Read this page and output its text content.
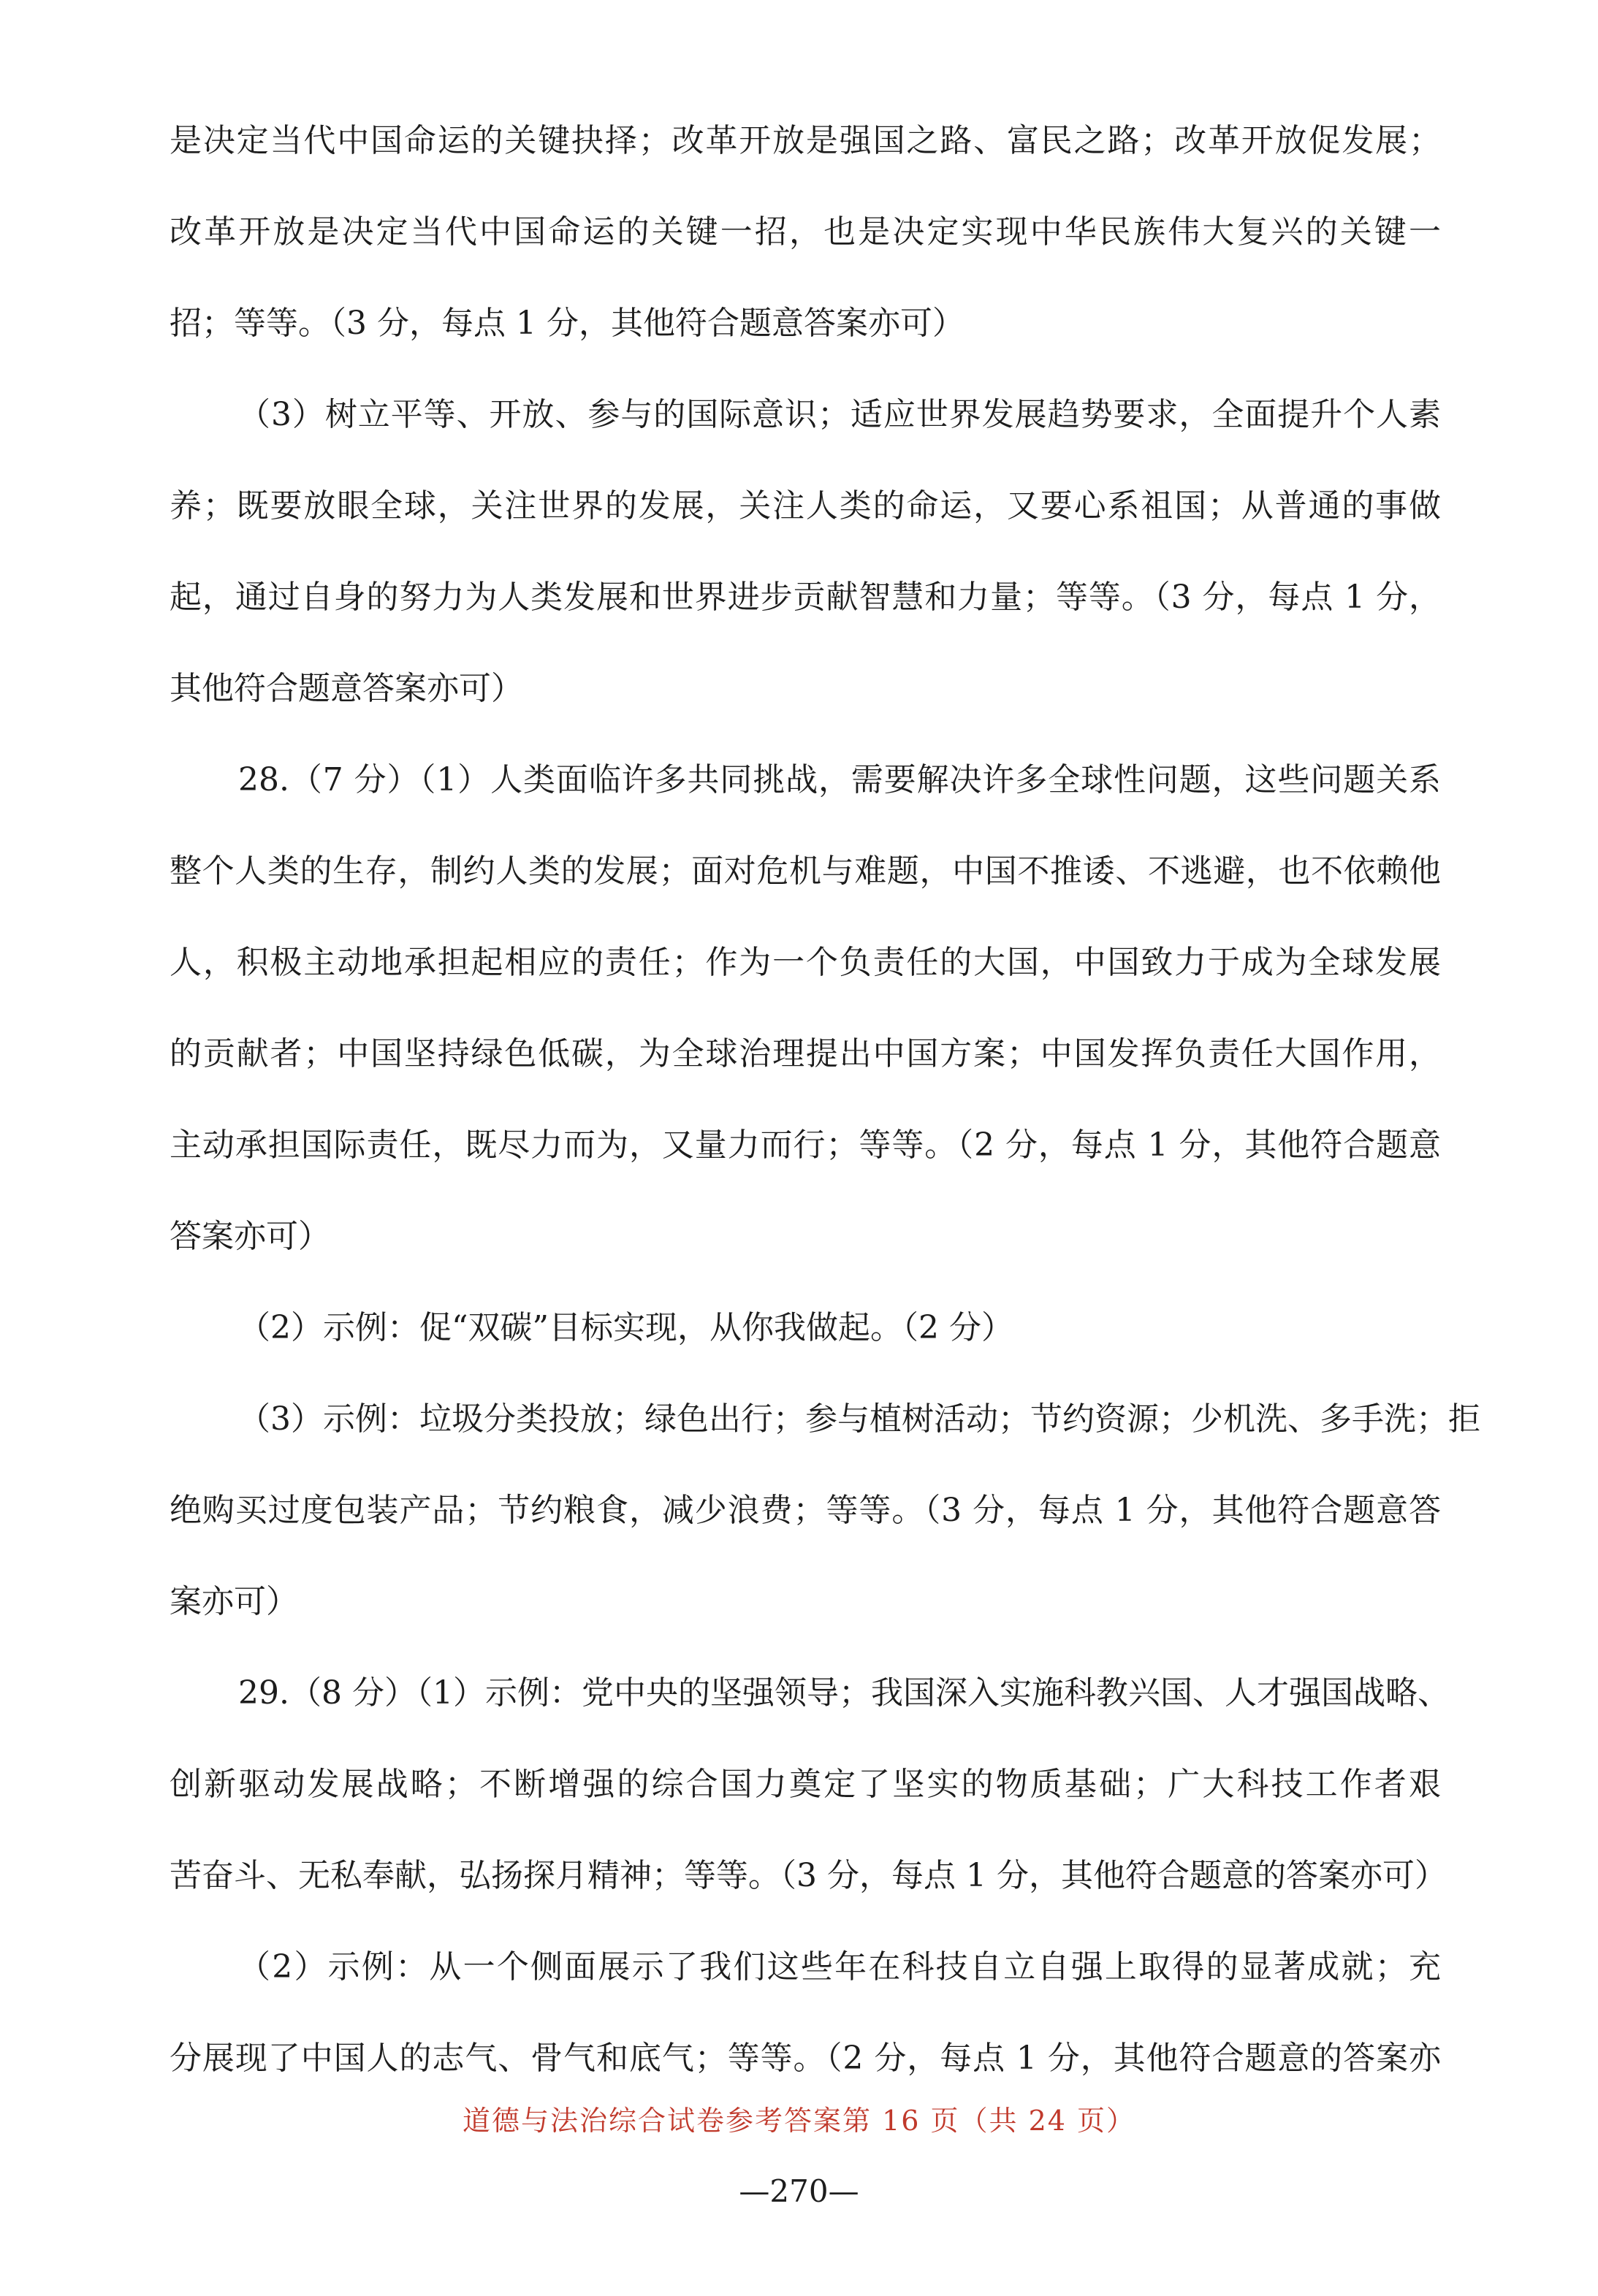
是决定当代中国命运的关键抉择；改革开放是强国之路、富民之路；改革开放促发展；
改革开放是决定当代中国命运的关键一招，也是决定实现中华民族伟大复兴的关键一
招；等等。（3 分，每点 1 分，其他符合题意答案亦可）
（3）树立平等、开放、参与的国际意识；适应世界发展趋势要求，全面提升个人素
养；既要放眼全球，关注世界的发展，关注人类的命运，又要心系祖国；从普通的事做
起，通过自身的努力为人类发展和世界进步贡献智慧和力量；等等。（3 分，每点 1 分，
其他符合题意答案亦可）
28.（7 分）（1）人类面临许多共同挑战，需要解决许多全球性问题，这些问题关系
整个人类的生存，制约人类的发展；面对危机与难题，中国不推诿、不逃避，也不依赖他
人，积极主动地承担起相应的责任；作为一个负责任的大国，中国致力于成为全球发展
的贡献者；中国坚持绿色低碳，为全球治理提出中国方案；中国发挥负责任大国作用，
主动承担国际责任，既尽力而为，又量力而行；等等。（2 分，每点 1 分，其他符合题意
答案亦可）
（2）示例：促“双碳”目标实现，从你我做起。（2 分）
（3）示例：垃圾分类投放；绿色出行；参与植树活动；节约资源；少机洗、多手洗；拒
绝购买过度包装产品；节约粮食，减少浪费；等等。（3 分，每点 1 分，其他符合题意答
案亦可）
29.（8 分）（1）示例：党中央的坚强领导；我国深入实施科教兴国、人才强国战略、
创新驱动发展战略；不断增强的综合国力奠定了坚实的物质基础；广大科技工作者艰
苦奋斗、无私奉献，弘扬探月精神；等等。（3 分，每点 1 分，其他符合题意的答案亦可）
（2）示例：从一个侧面展示了我们这些年在科技自立自强上取得的显著成就；充
分展现了中国人的志气、骨气和底气；等等。（2 分，每点 1 分，其他符合题意的答案亦
道德与法治综合试卷参考答案第 16 页（共 24 页）
—270—
